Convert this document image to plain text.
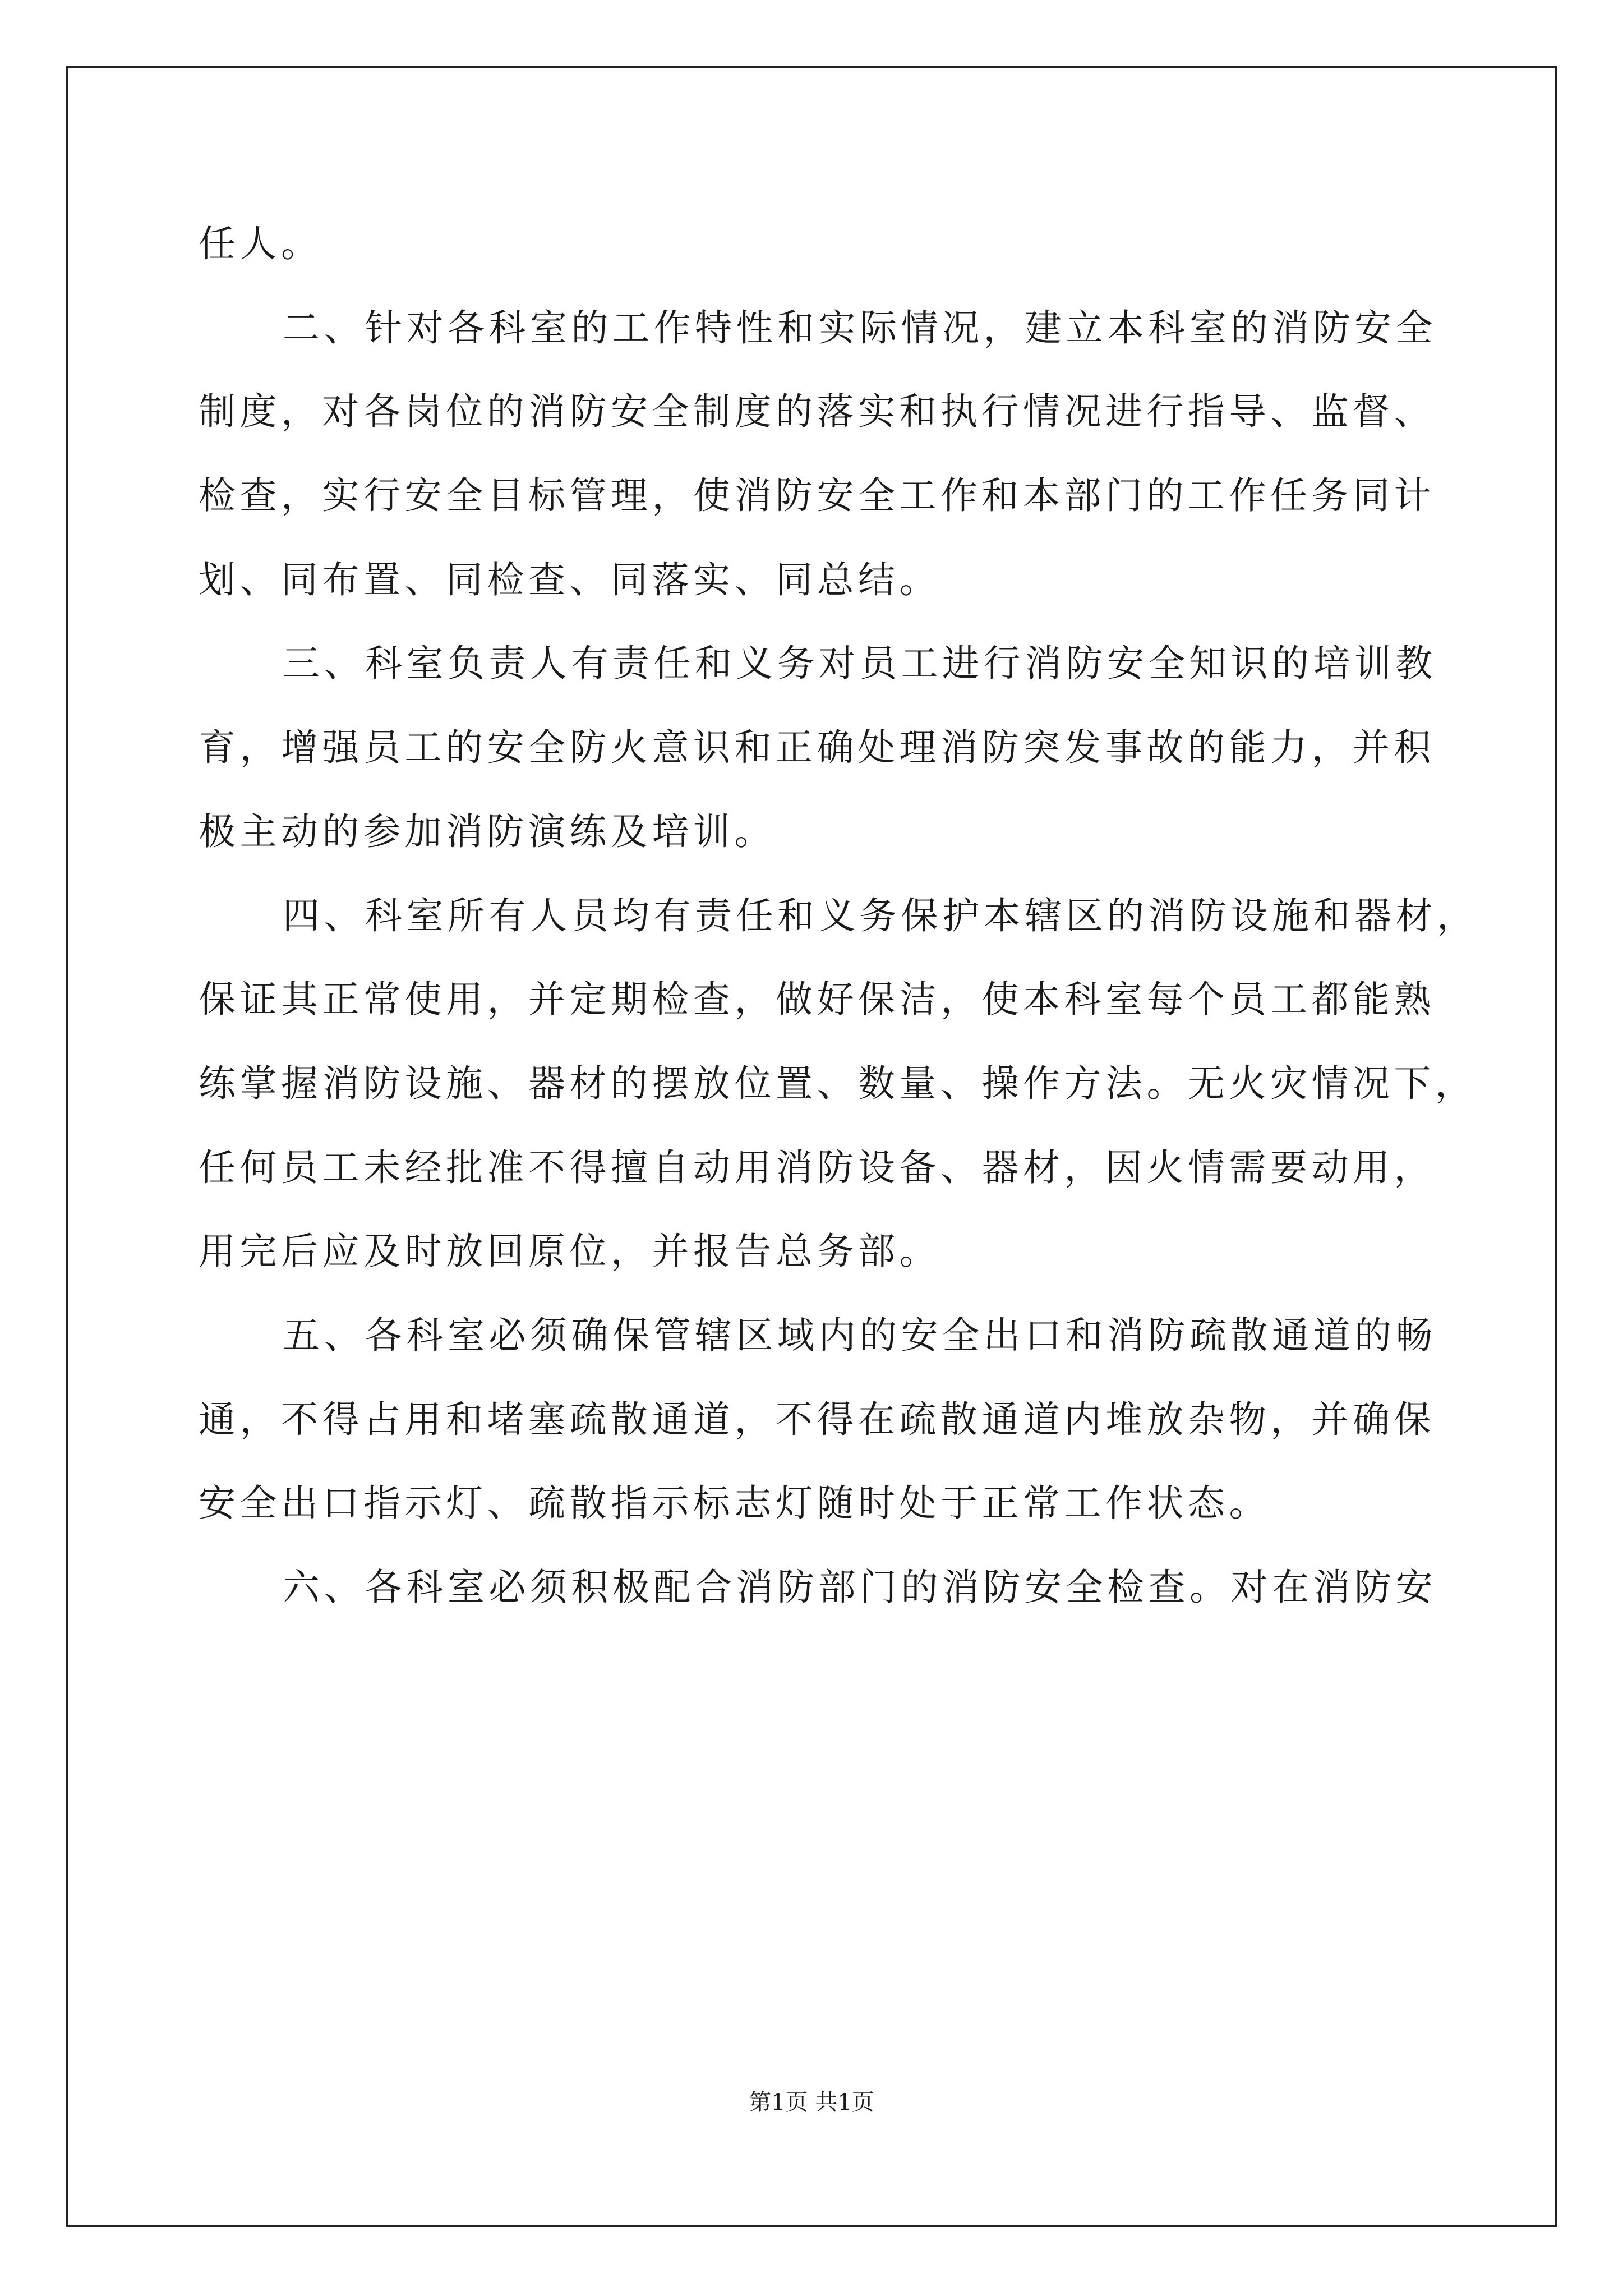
任人。
二、针对各科室的工作特性和实际情况，建立本科室的消防安全
制度，对各岗位的消防安全制度的落实和执行情况进行指导、监督、
检查，实行安全目标管理，使消防安全工作和本部门的工作任务同计
划、同布置、同检查、同落实、同总结。
三、科室负责人有责任和义务对员工进行消防安全知识的培训教
育，增强员工的安全防火意识和正确处理消防突发事故的能力，并积
极主动的参加消防演练及培训。
四、科室所有人员均有责任和义务保护本辖区的消防设施和器材，
保证其正常使用，并定期检查，做好保洁，使本科室每个员工都能熟
练掌握消防设施、器材的摆放位置、数量、操作方法。无火灾情况下，
任何员工未经批准不得擅自动用消防设备、器材，因火情需要动用，
用完后应及时放回原位，并报告总务部。
五、各科室必须确保管辖区域内的安全出口和消防疏散通道的畅
通，不得占用和堵塞疏散通道，不得在疏散通道内堆放杂物，并确保
安全出口指示灯、疏散指示标志灯随时处于正常工作状态。
六、各科室必须积极配合消防部门的消防安全检查。对在消防安
第1页 共1页
